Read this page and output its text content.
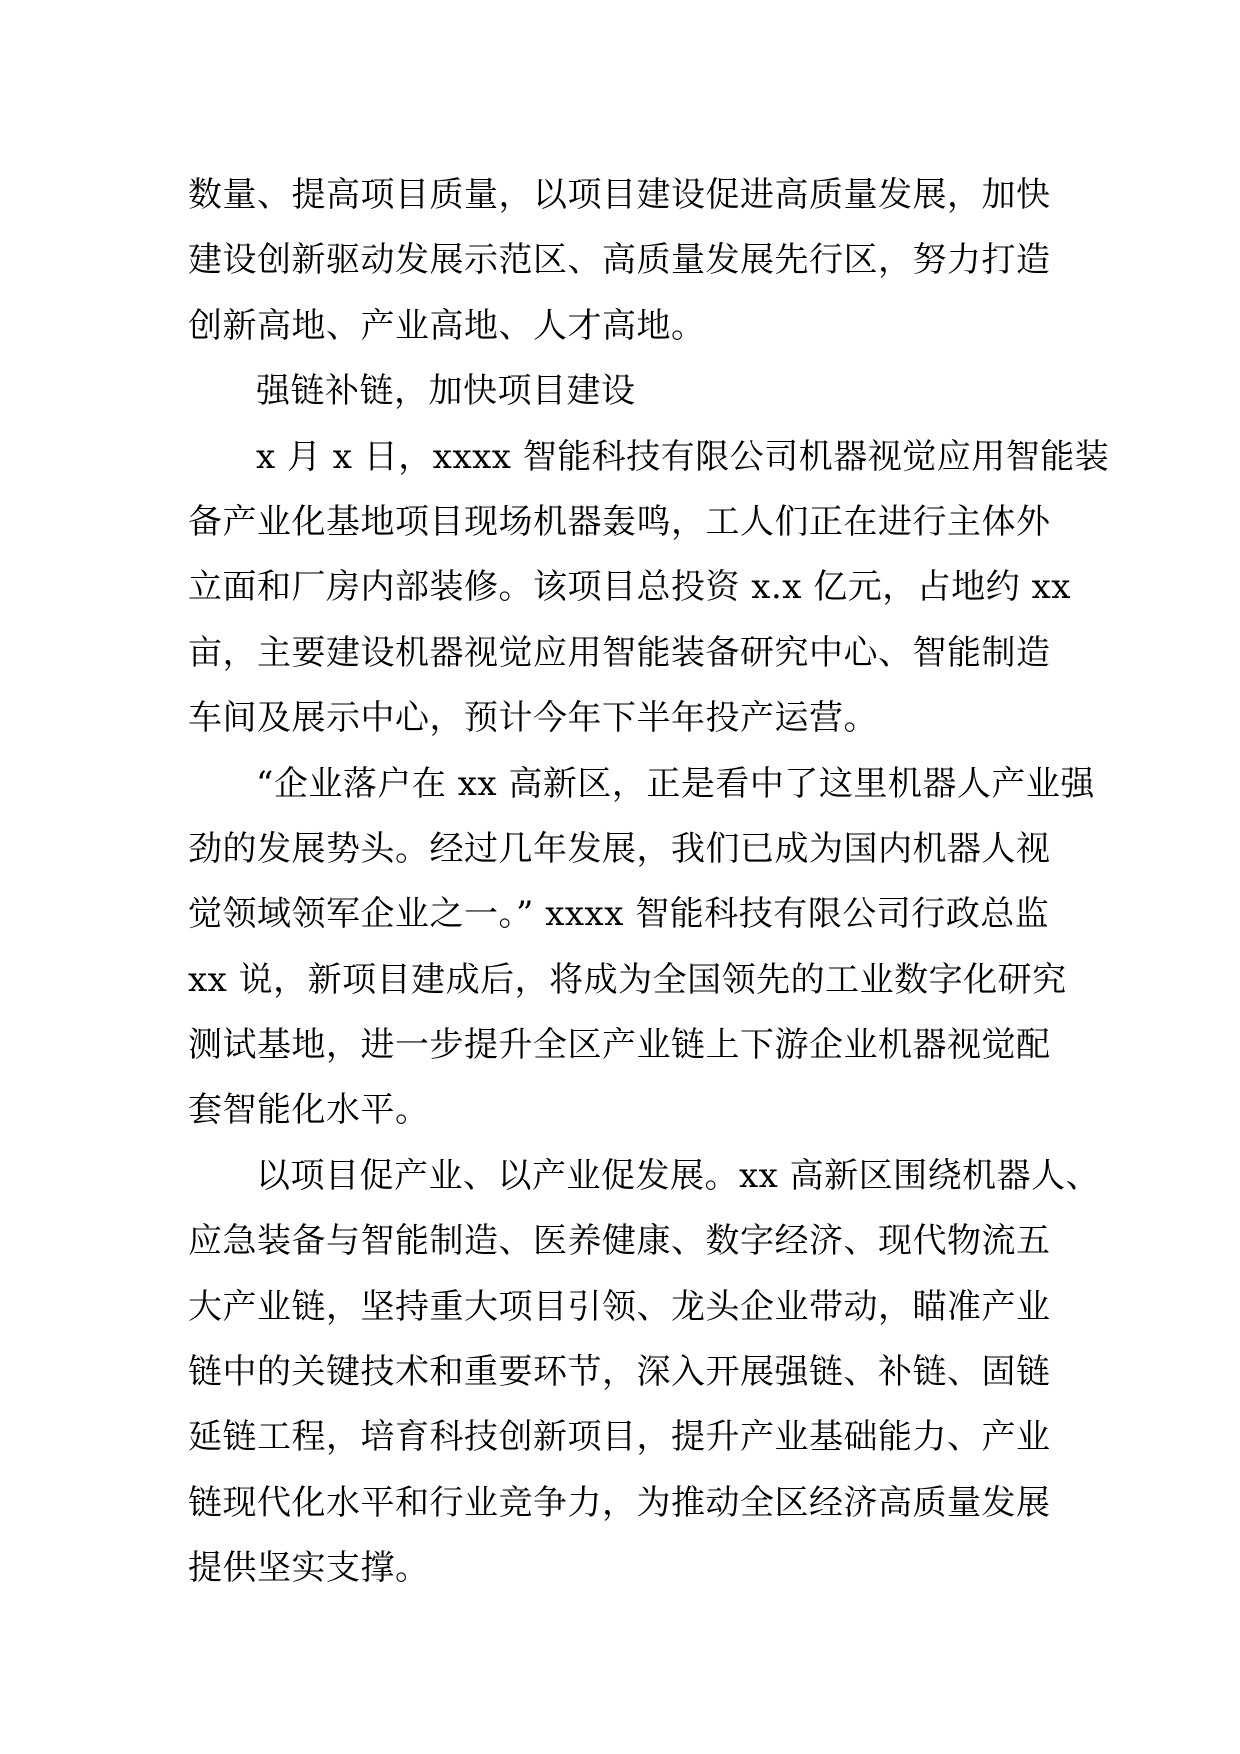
数量、提高项目质量，以项目建设促进高质量发展，加快
建设创新驱动发展示范区、高质量发展先行区，努力打造
创新高地、产业高地、人才高地。
强链补链，加快项目建设
x 月 x 日，xxxx 智能科技有限公司机器视觉应用智能装
备产业化基地项目现场机器轰鸣，工人们正在进行主体外
立面和厂房内部装修。该项目总投资 x.x 亿元，占地约 xx
亩，主要建设机器视觉应用智能装备研究中心、智能制造
车间及展示中心，预计今年下半年投产运营。
“企业落户在 xx 高新区，正是看中了这里机器人产业强
劲的发展势头。经过几年发展，我们已成为国内机器人视
觉领域领军企业之一。” xxxx 智能科技有限公司行政总监
xx 说，新项目建成后，将成为全国领先的工业数字化研究
测试基地，进一步提升全区产业链上下游企业机器视觉配
套智能化水平。
以项目促产业、以产业促发展。xx 高新区围绕机器人、
应急装备与智能制造、医养健康、数字经济、现代物流五
大产业链，坚持重大项目引领、龙头企业带动，瞄准产业
链中的关键技术和重要环节，深入开展强链、补链、固链
延链工程，培育科技创新项目，提升产业基础能力、产业
链现代化水平和行业竞争力，为推动全区经济高质量发展
提供坚实支撑。
